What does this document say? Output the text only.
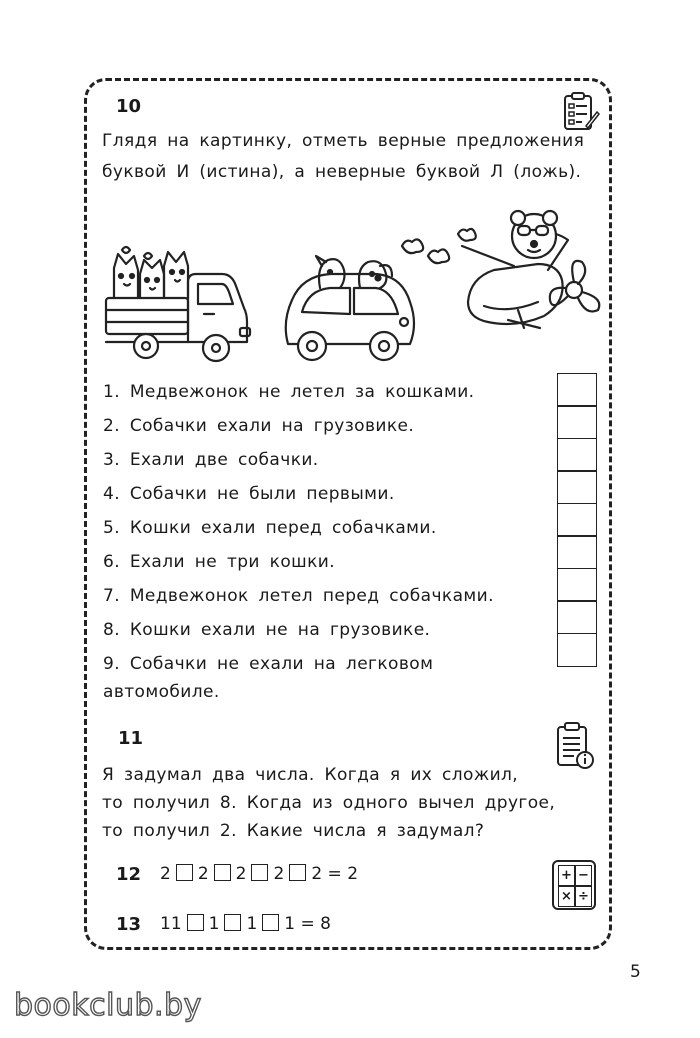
10
Глядя на картинку, отметь верные предложения
буквой И (истина), а неверные буквой Л (ложь).
1. Медвежонок не летел за кошками.
2. Собачки ехали на грузовике.
3. Ехали две собачки.
4. Собачки не были первыми.
5. Кошки ехали перед собачками.
6. Ехали не три кошки.
7. Медвежонок летел перед собачками.
8. Кошки ехали не на грузовике.
9. Собачки не ехали на легковом
автомобиле.
11
Я задумал два числа. Когда я их сложил,
то получил 8. Когда из одного вычел другое,
то получил 2. Какие числа я задумал?
12 2 2 2 2 2 = 2	+ −
× ÷
13 11 1 1 1 = 8
5
bookclub.by
